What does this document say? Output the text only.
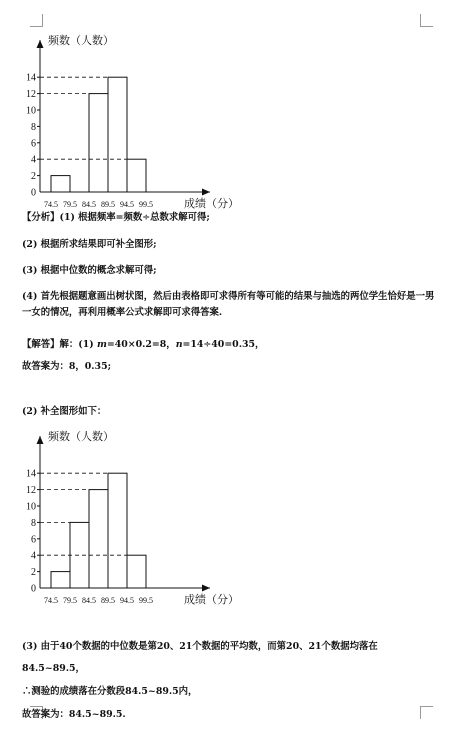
0
2
4
6
8
10
12
14
74.5 79.5 84.5 89.5 94.5 99.5
频数（人数）
成绩（分）

【分析】(1) 根据频率=频数÷总数求解可得;

(2) 根据所求结果即可补全图形;

(3) 根据中位数的概念求解可得;

(4) 首先根据题意画出树状图，然后由表格即可求得所有等可能的结果与抽选的两位学生恰好是一男一女的情况，再利用概率公式求解即可求得答案.

【解答】解：(1) m=40×0.2=8，n=14÷40=0.35，

故答案为：8，0.35;

(2) 补全图形如下：

0
2
4
6
8
10
12
14
74.5 79.5 84.5 89.5 94.5 99.5
频数（人数）
成绩（分）

(3) 由于40个数据的中位数是第20、21个数据的平均数，而第20、21个数据均落在

84.5~89.5，

∴测验的成绩落在分数段84.5~89.5内，

故答案为：84.5~89.5.
